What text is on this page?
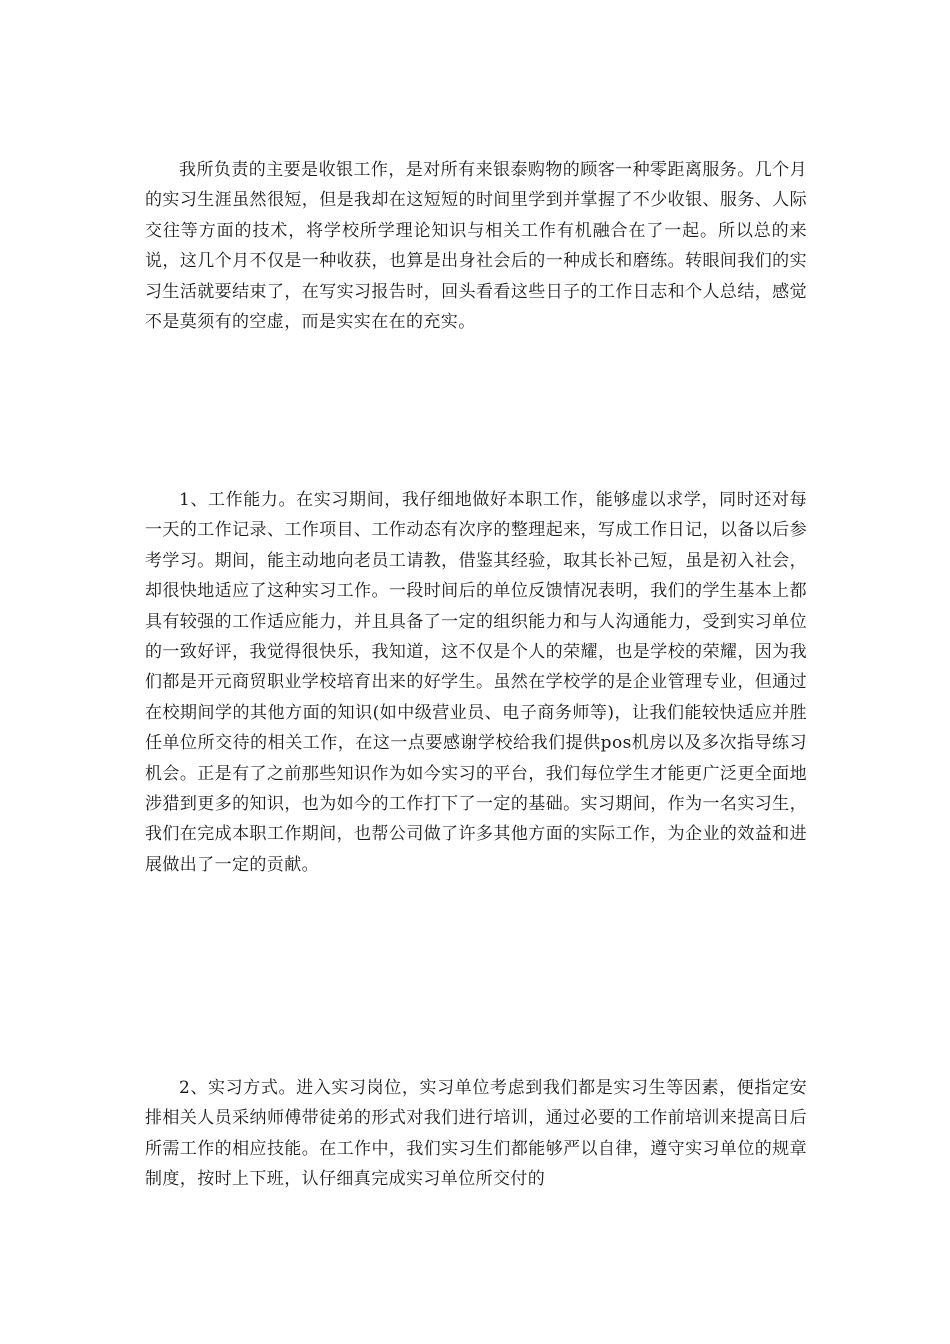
我所负责的主要是收银工作，是对所有来银泰购物的顾客一种零距离服务。几个月的实习生涯虽然很短，但是我却在这短短的时间里学到并掌握了不少收银、服务、人际交往等方面的技术，将学校所学理论知识与相关工作有机融合在了一起。所以总的来说，这几个月不仅是一种收获，也算是出身社会后的一种成长和磨练。转眼间我们的实习生活就要结束了，在写实习报告时，回头看看这些日子的工作日志和个人总结，感觉不是莫须有的空虚，而是实实在在的充实。

1、工作能力。在实习期间，我仔细地做好本职工作，能够虚以求学，同时还对每一天的工作记录、工作项目、工作动态有次序的整理起来，写成工作日记，以备以后参考学习。期间，能主动地向老员工请教，借鉴其经验，取其长补己短，虽是初入社会，却很快地适应了这种实习工作。一段时间后的单位反馈情况表明，我们的学生基本上都具有较强的工作适应能力，并且具备了一定的组织能力和与人沟通能力，受到实习单位的一致好评，我觉得很快乐，我知道，这不仅是个人的荣耀，也是学校的荣耀，因为我们都是开元商贸职业学校培育出来的好学生。虽然在学校学的是企业管理专业，但通过在校期间学的其他方面的知识(如中级营业员、电子商务师等)，让我们能较快适应并胜任单位所交待的相关工作，在这一点要感谢学校给我们提供pos机房以及多次指导练习机会。正是有了之前那些知识作为如今实习的平台，我们每位学生才能更广泛更全面地涉猎到更多的知识，也为如今的工作打下了一定的基础。实习期间，作为一名实习生，我们在完成本职工作期间，也帮公司做了许多其他方面的实际工作，为企业的效益和进展做出了一定的贡献。

2、实习方式。进入实习岗位，实习单位考虑到我们都是实习生等因素，便指定安排相关人员采纳师傅带徒弟的形式对我们进行培训，通过必要的工作前培训来提高日后所需工作的相应技能。在工作中，我们实习生们都能够严以自律，遵守实习单位的规章制度，按时上下班，认仔细真完成实习单位所交付的
